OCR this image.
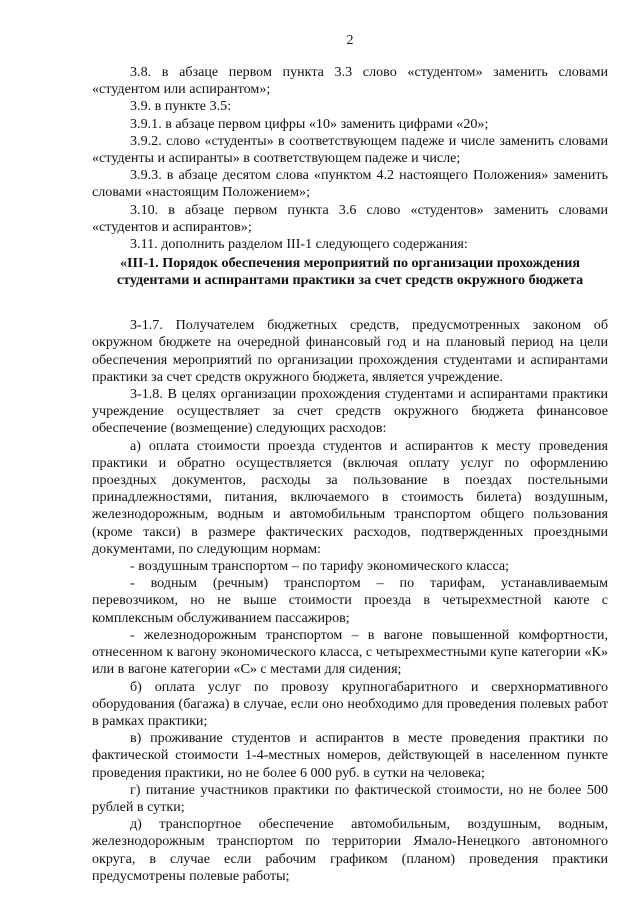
2

3.8. в абзаце первом пункта 3.3 слово «студентом» заменить словами «студентом или аспирантом»;

3.9. в пункте 3.5:

3.9.1. в абзаце первом цифры «10» заменить цифрами «20»;

3.9.2. слово «студенты» в соответствующем падеже и числе заменить словами «студенты и аспиранты» в соответствующем падеже и числе;

3.9.3. в абзаце десятом слова «пунктом 4.2 настоящего Положения» заменить словами «настоящим Положением»;

3.10. в абзаце первом пункта 3.6 слово «студентов» заменить словами «студентов и аспирантов»;

3.11. дополнить разделом III-1 следующего содержания:

«III-1. Порядок обеспечения мероприятий по организации прохождения студентами и аспирантами практики за счет средств окружного бюджета

3-1.7. Получателем бюджетных средств, предусмотренных законом об окружном бюджете на очередной финансовый год и на плановый период на цели обеспечения мероприятий по организации прохождения студентами и аспирантами практики за счет средств окружного бюджета, является учреждение.

3-1.8. В целях организации прохождения студентами и аспирантами практики учреждение осуществляет за счет средств окружного бюджета финансовое обеспечение (возмещение) следующих расходов:

а) оплата стоимости проезда студентов и аспирантов к месту проведения практики и обратно осуществляется (включая оплату услуг по оформлению проездных документов, расходы за пользование в поездах постельными принадлежностями, питания, включаемого в стоимость билета) воздушным, железнодорожным, водным и автомобильным транспортом общего пользования (кроме такси) в размере фактических расходов, подтвержденных проездными документами, по следующим нормам:

- воздушным транспортом – по тарифу экономического класса;

- водным (речным) транспортом – по тарифам, устанавливаемым перевозчиком, но не выше стоимости проезда в четырехместной каюте с комплексным обслуживанием пассажиров;

- железнодорожным транспортом – в вагоне повышенной комфортности, отнесенном к вагону экономического класса, с четырехместными купе категории «К» или в вагоне категории «С» с местами для сидения;

б) оплата услуг по провозу крупногабаритного и сверхнормативного оборудования (багажа) в случае, если оно необходимо для проведения полевых работ в рамках практики;

в) проживание студентов и аспирантов в месте проведения практики по фактической стоимости 1-4-местных номеров, действующей в населенном пункте проведения практики, но не более 6 000 руб. в сутки на человека;

г) питание участников практики по фактической стоимости, но не более 500 рублей в сутки;

д) транспортное обеспечение автомобильным, воздушным, водным, железнодорожным транспортом по территории Ямало-Ненецкого автономного округа, в случае если рабочим графиком (планом) проведения практики предусмотрены полевые работы;
